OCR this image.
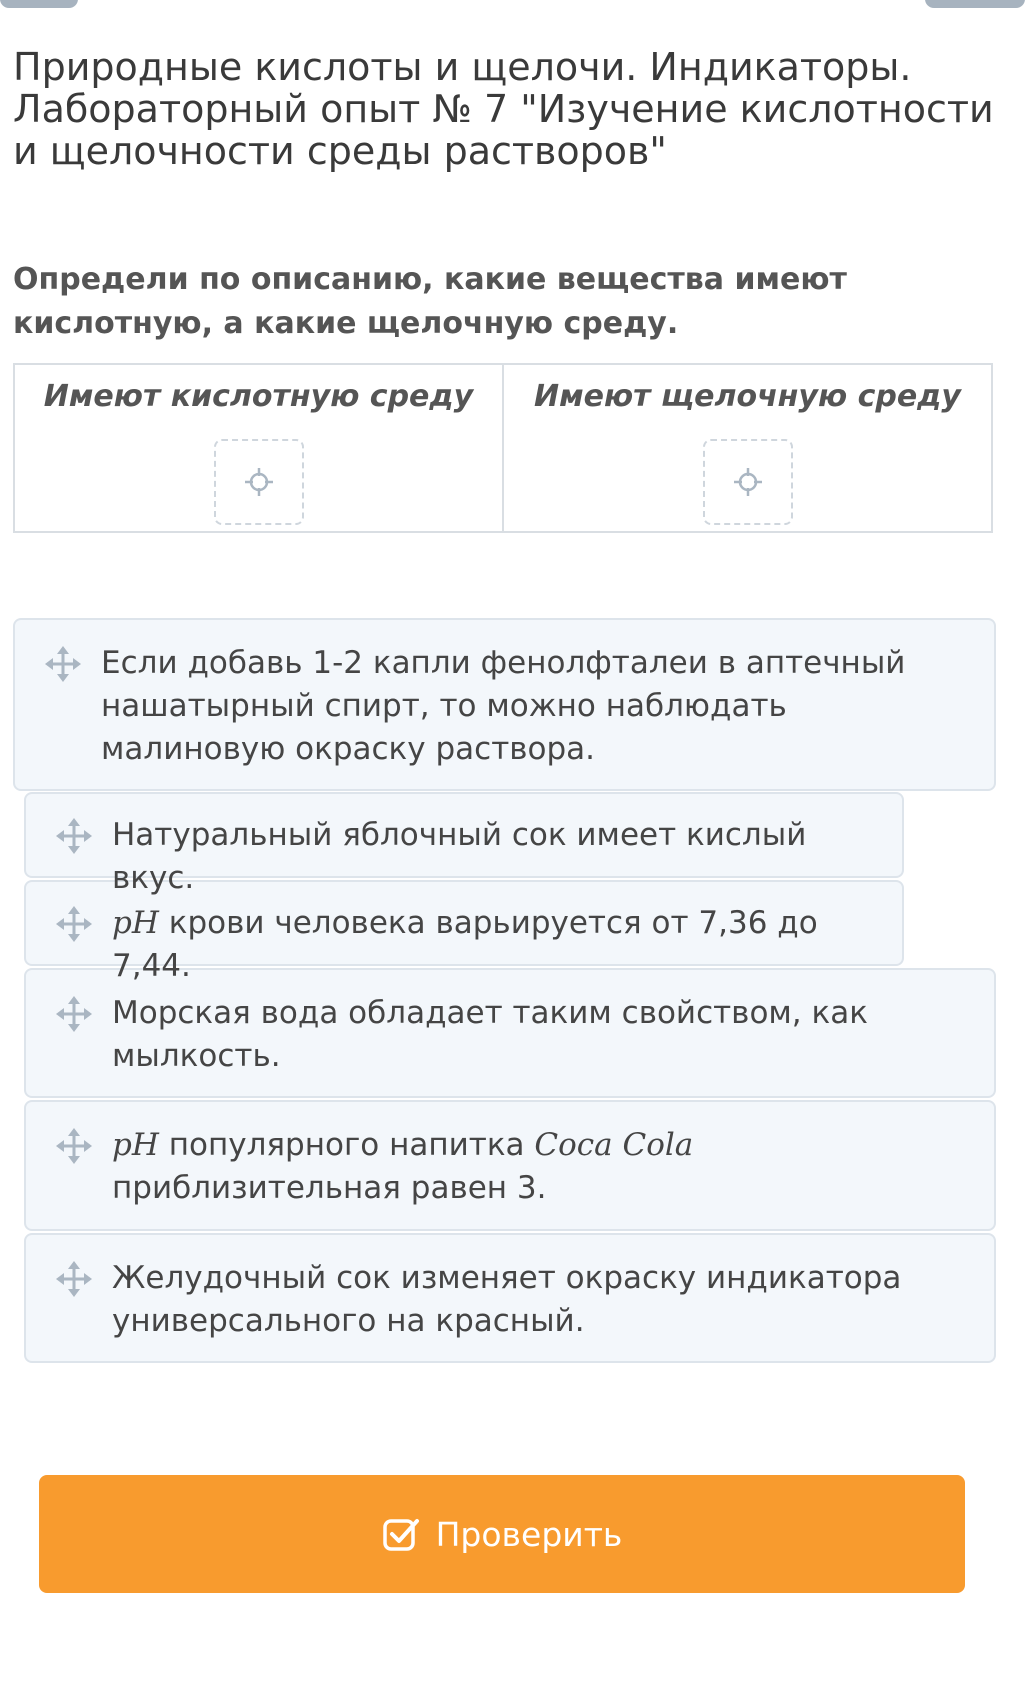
Природные кислоты и щелочи. Индикаторы. Лабораторный опыт № 7 "Изучение кислотности и щелочности среды растворов"

Определи по описанию, какие вещества имеют кислотную, а какие щелочную среду.

Имеют кислотную среду	Имеют щелочную среду
Если добавь 1-2 капли фенолфталеи в аптечный нашатырный спирт, то можно наблюдать малиновую окраску раствора.
Натуральный яблочный сок имеет кислый вкус.
pH крови человека варьируется от 7,36 до 7,44.
Морская вода обладает таким свойством, как мылкость.
pH популярного напитка Coca Cola приблизительная равен 3.
Желудочный сок изменяет окраску индикатора универсального на красный.
Проверить
